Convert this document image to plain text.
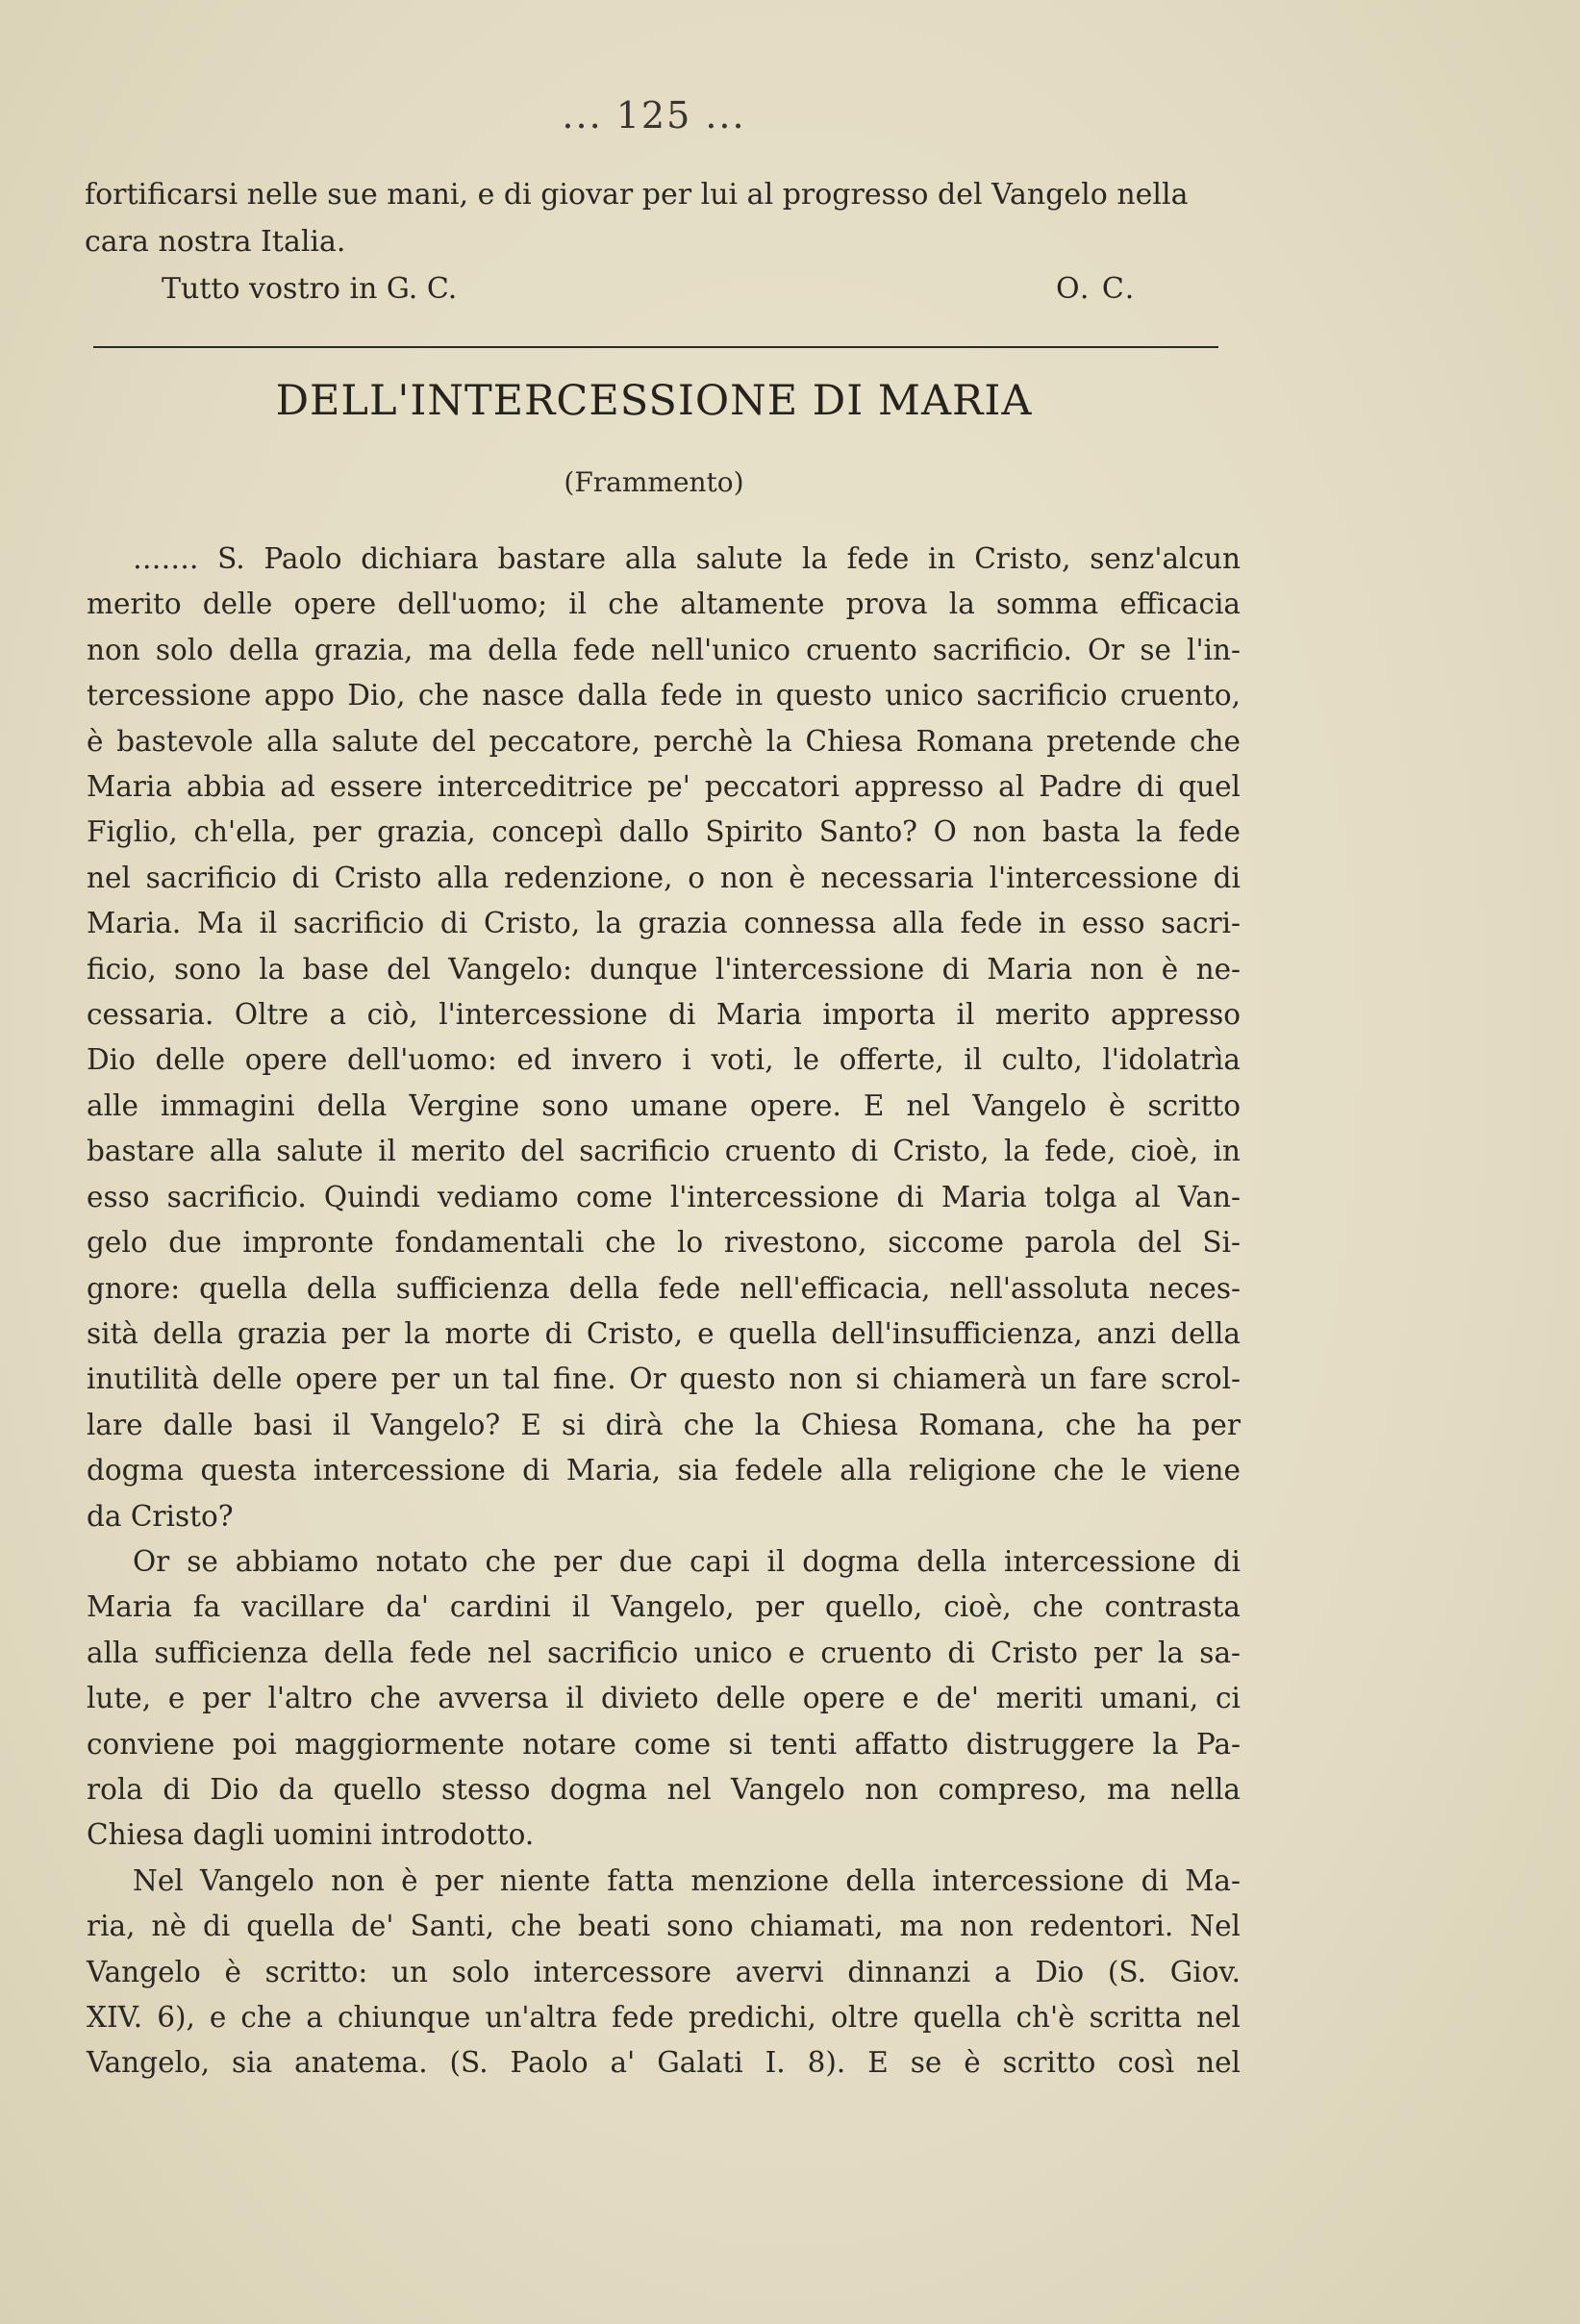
... 125 ...
fortificarsi nelle sue mani, e di giovar per lui al progresso del Vangelo nella
cara nostra Italia.
Tutto vostro in G. C.	O. C.
DELL'INTERCESSIONE DI MARIA
(Frammento)
……. S. Paolo dichiara bastare alla salute la fede in Cristo, senz'alcun
merito delle opere dell'uomo; il che altamente prova la somma efficacia
non solo della grazia, ma della fede nell'unico cruento sacrificio. Or se l'in-
tercessione appo Dio, che nasce dalla fede in questo unico sacrificio cruento,
è bastevole alla salute del peccatore, perchè la Chiesa Romana pretende che
Maria abbia ad essere interceditrice pe' peccatori appresso al Padre di quel
Figlio, ch'ella, per grazia, concepì dallo Spirito Santo? O non basta la fede
nel sacrificio di Cristo alla redenzione, o non è necessaria l'intercessione di
Maria. Ma il sacrificio di Cristo, la grazia connessa alla fede in esso sacri-
ficio, sono la base del Vangelo: dunque l'intercessione di Maria non è ne-
cessaria. Oltre a ciò, l'intercessione di Maria importa il merito appresso
Dio delle opere dell'uomo: ed invero i voti, le offerte, il culto, l'idolatrìa
alle immagini della Vergine sono umane opere. E nel Vangelo è scritto
bastare alla salute il merito del sacrificio cruento di Cristo, la fede, cioè, in
esso sacrificio. Quindi vediamo come l'intercessione di Maria tolga al Van-
gelo due impronte fondamentali che lo rivestono, siccome parola del Si-
gnore: quella della sufficienza della fede nell'efficacia, nell'assoluta neces-
sità della grazia per la morte di Cristo, e quella dell'insufficienza, anzi della
inutilità delle opere per un tal fine. Or questo non si chiamerà un fare scrol-
lare dalle basi il Vangelo? E si dirà che la Chiesa Romana, che ha per
dogma questa intercessione di Maria, sia fedele alla religione che le viene
da Cristo?
Or se abbiamo notato che per due capi il dogma della intercessione di
Maria fa vacillare da' cardini il Vangelo, per quello, cioè, che contrasta
alla sufficienza della fede nel sacrificio unico e cruento di Cristo per la sa-
lute, e per l'altro che avversa il divieto delle opere e de' meriti umani, ci
conviene poi maggiormente notare come si tenti affatto distruggere la Pa-
rola di Dio da quello stesso dogma nel Vangelo non compreso, ma nella
Chiesa dagli uomini introdotto.
Nel Vangelo non è per niente fatta menzione della intercessione di Ma-
ria, nè di quella de' Santi, che beati sono chiamati, ma non redentori. Nel
Vangelo è scritto: un solo intercessore avervi dinnanzi a Dio (S. Giov.
XIV. 6), e che a chiunque un'altra fede predichi, oltre quella ch'è scritta nel
Vangelo, sia anatema. (S. Paolo a' Galati I. 8). E se è scritto così nel
